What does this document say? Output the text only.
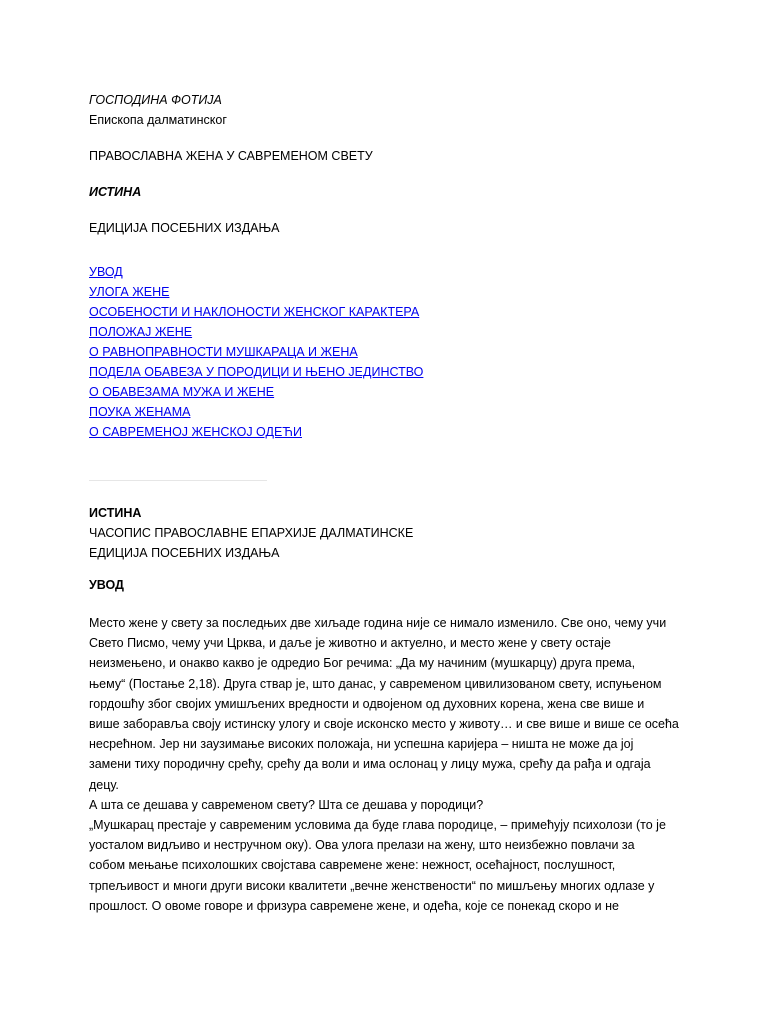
ГОСПОДИНА ФОТИЈА
Епископа далматинског
ПРАВОСЛАВНА ЖЕНА У САВРЕМЕНОМ СВЕТУ
ИСТИНА
ЕДИЦИЈА ПОСЕБНИХ ИЗДАЊА
УВОД
УЛОГА ЖЕНЕ
ОСОБЕНОСТИ И НАКЛОНОСТИ ЖЕНСКОГ КАРАКТЕРА
ПОЛОЖАЈ ЖЕНЕ
О РАВНОПРАВНОСТИ МУШКАРАЦА И ЖЕНА
ПОДЕЛА ОБАВЕЗА У ПОРОДИЦИ И ЊЕНО ЈЕДИНСТВО
О ОБАВЕЗАМА МУЖА И ЖЕНЕ
ПОУКА ЖЕНАМА
О САВРЕМЕНОЈ ЖЕНСКОЈ ОДЕЋИ
ИСТИНА
ЧАСОПИС ПРАВОСЛАВНЕ ЕПАРХИЈЕ ДАЛМАТИНСКЕ
ЕДИЦИЈА ПОСЕБНИХ ИЗДАЊА
УВОД
Место жене у свету за последњих две хиљаде година није се нимало изменило. Све оно, чему учи
Свето Писмо, чему учи Црква, и даље је животно и актуелно, и место жене у свету остаје
неизмењено, и онакво какво је одредио Бог речима: „Да му начиним (мушкарцу) друга према,
њему“ (Постање 2,18). Друга ствар је, што данас, у савременом цивилизованом свету, испуњеном
гордошћу због својих умишљених вредности и одвојеном од духовних корена, жена све више и
више заборавља своју истинску улогу и своје исконско место у животу… и све више и више се осећа
несрећном. Јер ни заузимање високих положаја, ни успешна каријера – ништа не може да јој
замени тиху породичну срећу, срећу да воли и има ослонац у лицу мужа, срећу да рађа и одгаја
децу.
А шта се дешава у савременом свету? Шта се дешава у породици?
„Мушкарац престаје у савременим условима да буде глава породице, – примећују психолози (то је
уосталом видљиво и нестручном оку). Ова улога прелази на жену, што неизбежно повлачи за
собом мењање психолошких својстава савремене жене: нежност, осећајност, послушност,
трпељивост и многи други високи квалитети „вечне женствености“ по мишљењу многих одлазе у
прошлост. О овоме говоре и фризура савремене жене, и одећа, које се понекад скоро и не
